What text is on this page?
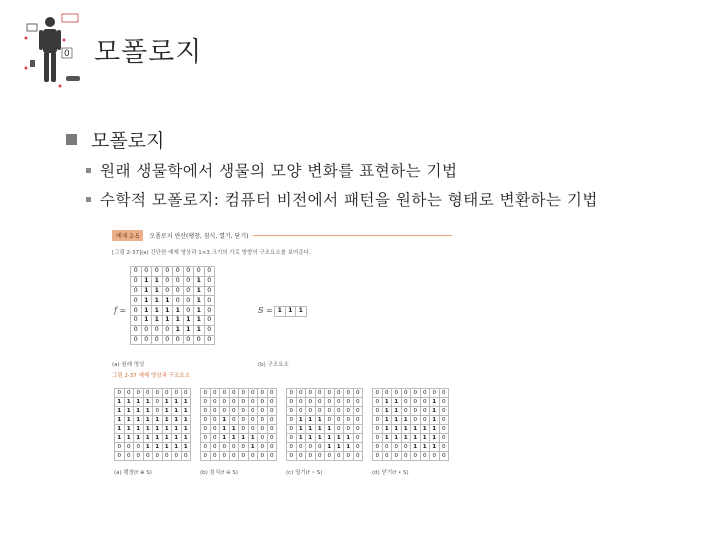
0 모폴로지
모폴로지
원래 생물학에서 생물의 모양 변화를 표현하는 기법
수학적 모폴로지: 컴퓨터 비전에서 패턴을 원하는 형태로 변환하는 기법
예제 2-5	모폴로지 연산(팽창, 침식, 열기, 닫기)
[그림 2-37](a) 간단한 예제 영상과 1×3 크기의 가로 방향의 구조요소를 보여준다.
f =
0	0	0	0	0	0	0	0
0	1	1	0	0	0	1	0
0	1	1	0	0	0	1	0
0	1	1	1	0	0	1	0
0	1	1	1	1	0	1	0
0	1	1	1	1	1	1	0
0	0	0	0	1	1	1	0
0	0	0	0	0	0	0	0
S = 1	1	1
(a) 원래 영상	(b) 구조요소
그림 2-37 예제 영상과 구조요소
0	0	0	0	0	0	0	0
1	1	1	1	0	1	1	1
1	1	1	1	0	1	1	1
1	1	1	1	1	1	1	1
1	1	1	1	1	1	1	1
1	1	1	1	1	1	1	1
0	0	0	1	1	1	1	1
0	0	0	0	0	0	0	0
(a) 팽창(f ⊕ S)
0	0	0	0	0	0	0	0
0	0	0	0	0	0	0	0
0	0	0	0	0	0	0	0
0	0	1	0	0	0	0	0
0	0	1	1	0	0	0	0
0	0	1	1	1	1	0	0
0	0	0	0	0	1	0	0
0	0	0	0	0	0	0	0
(b) 침식(f ⊖ S)
0	0	0	0	0	0	0	0
0	0	0	0	0	0	0	0
0	0	0	0	0	0	0	0
0	1	1	1	0	0	0	0
0	1	1	1	1	0	0	0
0	1	1	1	1	1	1	0
0	0	0	0	1	1	1	0
0	0	0	0	0	0	0	0
(c) 열기(f ∘ S)
0	0	0	0	0	0	0	0
0	1	1	0	0	0	1	0
0	1	1	0	0	0	1	0
0	1	1	1	0	0	1	0
0	1	1	1	1	1	1	0
0	1	1	1	1	1	1	0
0	0	0	0	1	1	1	0
0	0	0	0	0	0	0	0
(d) 닫기(f • S)
